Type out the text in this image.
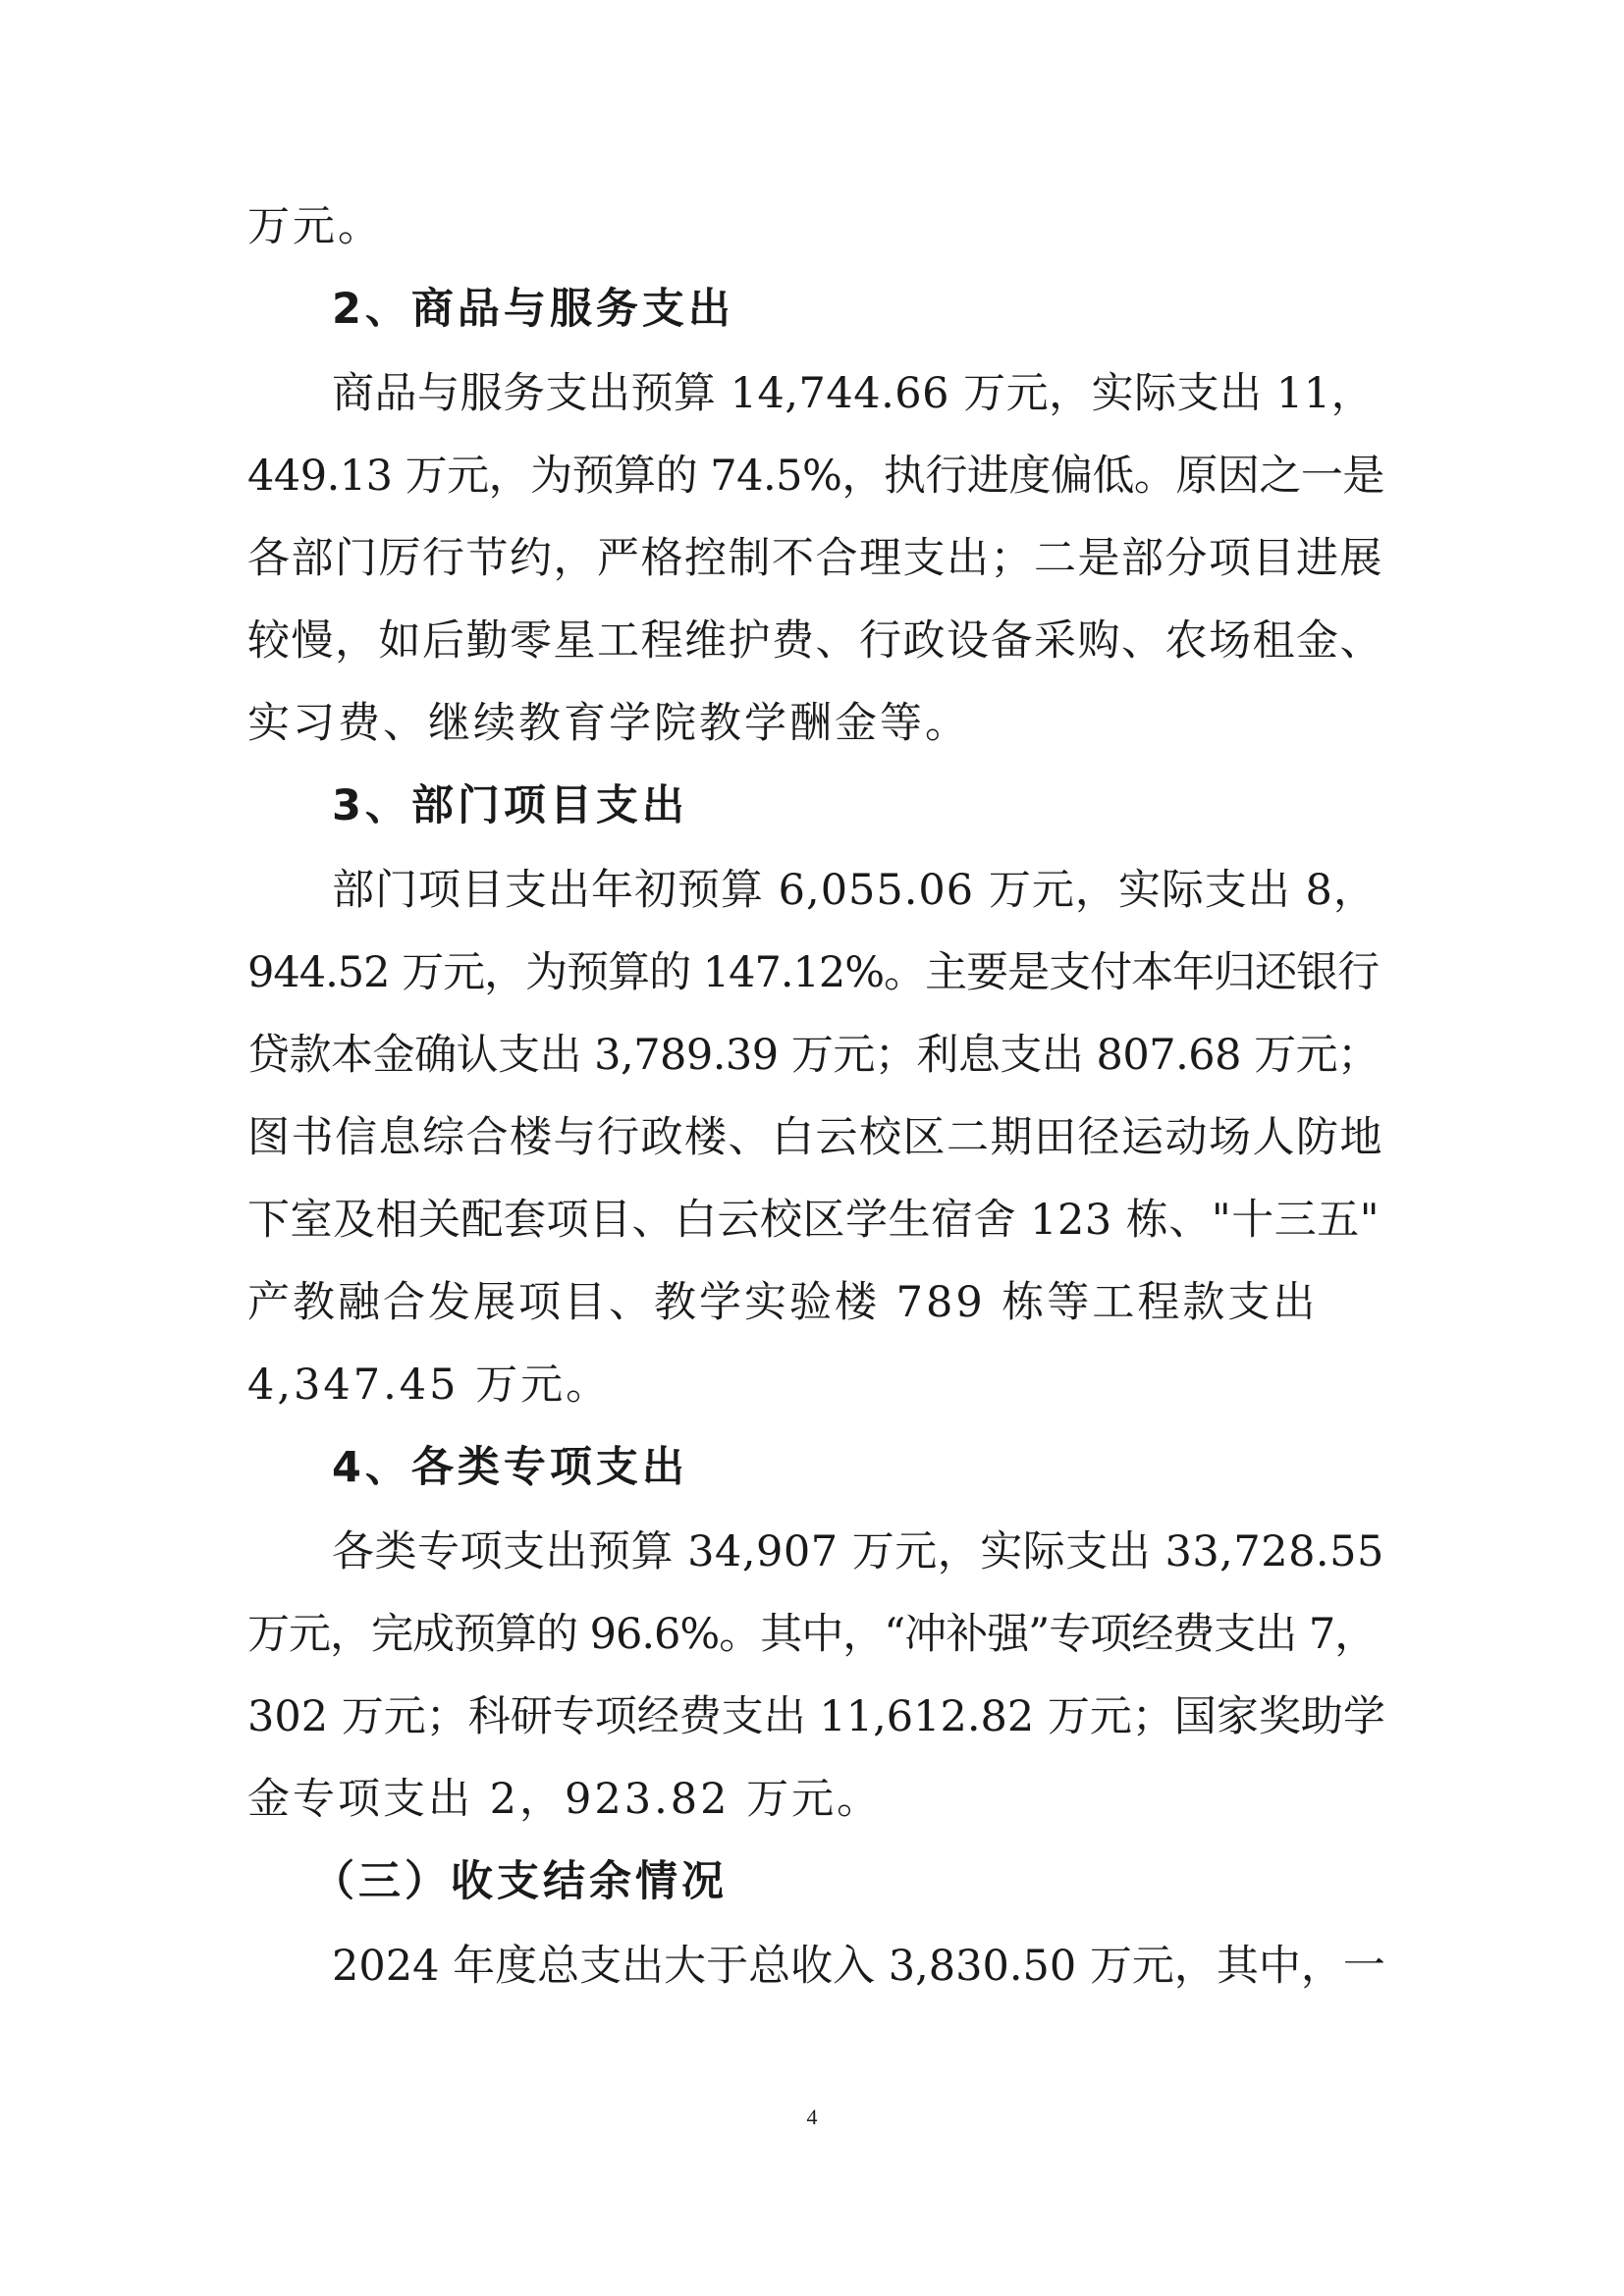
万元。
2、商品与服务支出
商品与服务支出预算 14,744.66 万元，实际支出 11，
449.13 万元，为预算的 74.5%，执行进度偏低。原因之一是
各部门厉行节约，严格控制不合理支出；二是部分项目进展
较慢，如后勤零星工程维护费、行政设备采购、农场租金、
实习费、继续教育学院教学酬金等。
3、部门项目支出
部门项目支出年初预算 6,055.06 万元，实际支出 8，
944.52 万元，为预算的 147.12%。主要是支付本年归还银行
贷款本金确认支出 3,789.39 万元；利息支出 807.68 万元；
图书信息综合楼与行政楼、白云校区二期田径运动场人防地
下室及相关配套项目、白云校区学生宿舍 123 栋、"十三五"
产教融合发展项目、教学实验楼 789 栋等工程款支出
4,347.45 万元。
4、各类专项支出
各类专项支出预算 34,907 万元，实际支出 33,728.55
万元，完成预算的 96.6%。其中，“冲补强”专项经费支出 7，
302 万元；科研专项经费支出 11,612.82 万元；国家奖助学
金专项支出 2，923.82 万元。
（三）收支结余情况
2024 年度总支出大于总收入 3,830.50 万元，其中，一
4
